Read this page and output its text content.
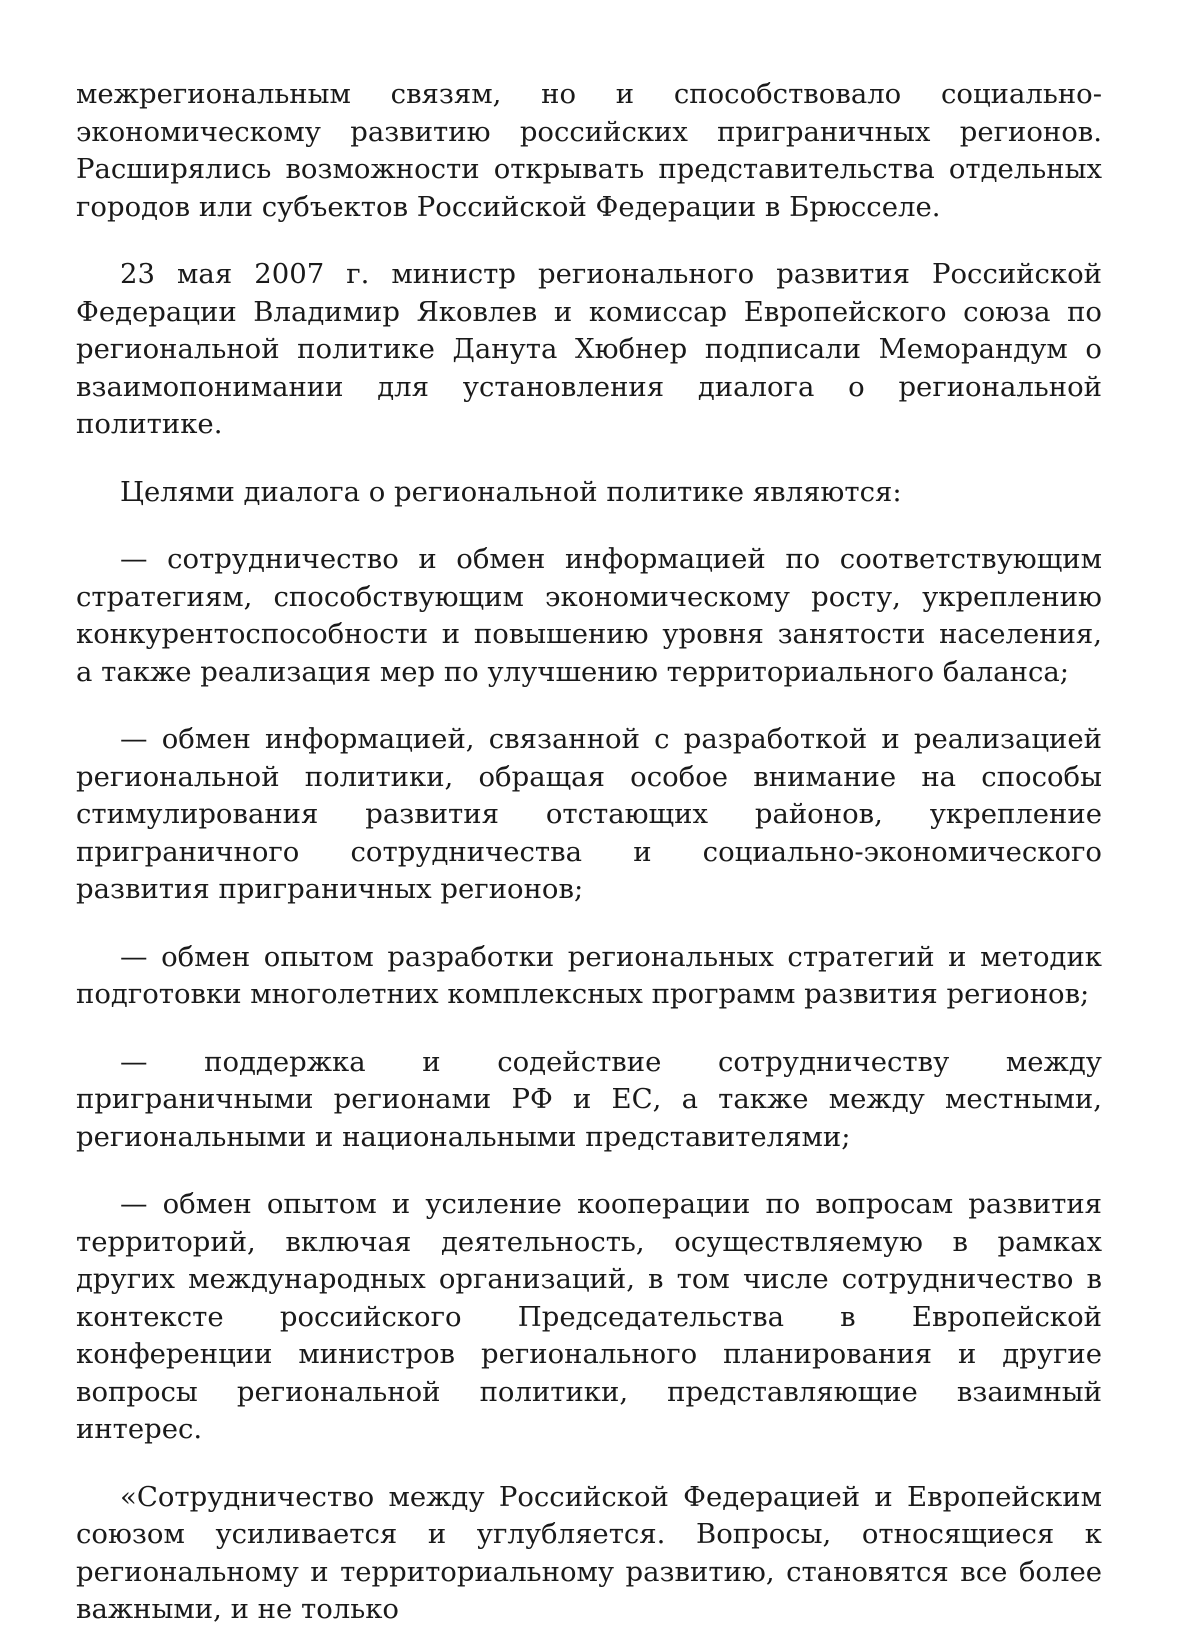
межрегиональным связям, но и способствовало социально-экономическому развитию российских приграничных регионов. Расширялись возможности открывать представительства отдельных городов или субъектов Российской Федерации в Брюсселе.

23 мая 2007 г. министр регионального развития Российской Федерации Владимир Яковлев и комиссар Европейского союза по региональной политике Данута Хюбнер подписали Меморандум о взаимопонимании для установления диалога о региональной политике.

Целями диалога о региональной политике являются:

— сотрудничество и обмен информацией по соответствующим стратегиям, способствующим экономическому росту, укреплению конкурентоспособности и повышению уровня занятости населения, а также реализация мер по улучшению территориального баланса;

— обмен информацией, связанной с разработкой и реализацией региональной политики, обращая особое внимание на способы стимулирования развития отстающих районов, укрепление приграничного сотрудничества и социально-экономического развития приграничных регионов;

— обмен опытом разработки региональных стратегий и методик подготовки многолетних комплексных программ развития регионов;

— поддержка и содействие сотрудничеству между приграничными регионами РФ и ЕС, а также между местными, региональными и национальными представителями;

— обмен опытом и усиление кооперации по вопросам развития территорий, включая деятельность, осуществляемую в рамках других международных организаций, в том числе сотрудничество в контексте российского Председательства в Европейской конференции министров регионального планирования и другие вопросы региональной политики, представляющие взаимный интерес.

«Сотрудничество между Российской Федерацией и Европейским союзом усиливается и углубляется. Вопросы, относящиеся к региональному и территориальному развитию, становятся все более важными, и не только
